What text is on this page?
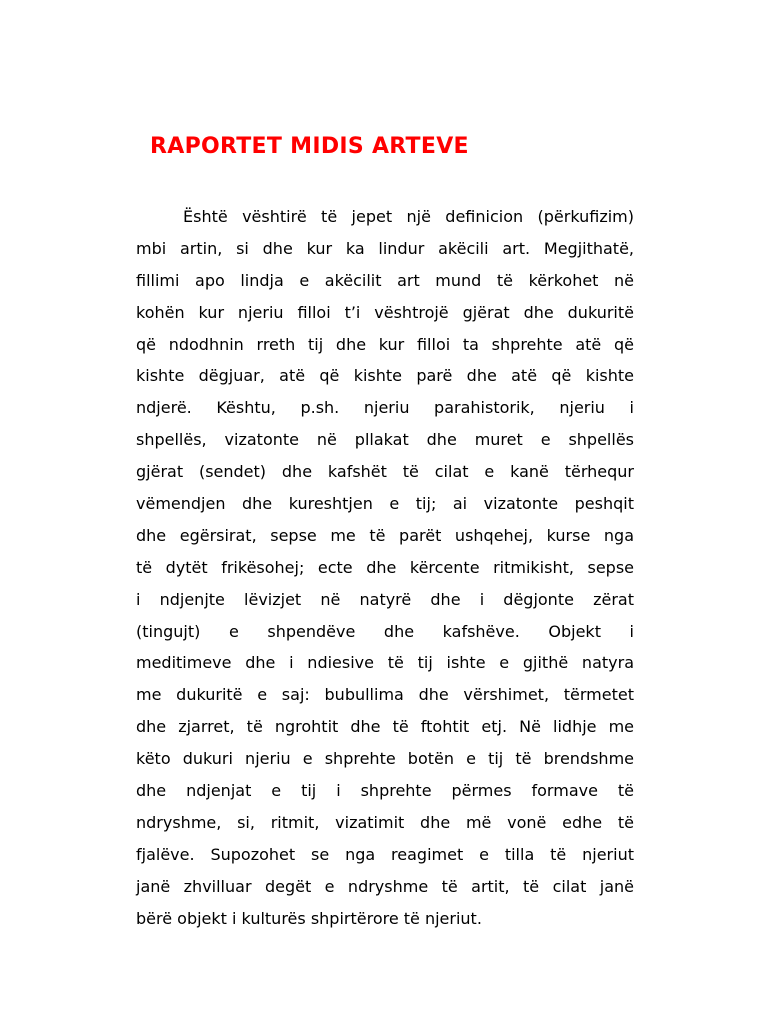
RAPORTET MIDIS ARTEVE
Është vështirë të jepet një definicion (përkufizim)
mbi artin, si dhe kur ka lindur akëcili art. Megjithatë,
fillimi apo lindja e akëcilit art mund të kërkohet në
kohën kur njeriu filloi t’i vështrojë gjërat dhe dukuritë
që ndodhnin rreth tij dhe kur filloi ta shprehte atë që
kishte dëgjuar, atë që kishte parë dhe atë që kishte
ndjerë. Kështu, p.sh. njeriu parahistorik, njeriu i
shpellës, vizatonte në pllakat dhe muret e shpellës
gjërat (sendet) dhe kafshët të cilat e kanë tërhequr
vëmendjen dhe kureshtjen e tij; ai vizatonte peshqit
dhe egërsirat, sepse me të parët ushqehej, kurse nga
të dytët frikësohej; ecte dhe kërcente ritmikisht, sepse
i ndjenjte lëvizjet në natyrë dhe i dëgjonte zërat
(tingujt) e shpendëve dhe kafshëve. Objekt i
meditimeve dhe i ndiesive të tij ishte e gjithë natyra
me dukuritë e saj: bubullima dhe vërshimet, tërmetet
dhe zjarret, të ngrohtit dhe të ftohtit etj. Në lidhje me
këto dukuri njeriu e shprehte botën e tij të brendshme
dhe ndjenjat e tij i shprehte përmes formave të
ndryshme, si, ritmit, vizatimit dhe më vonë edhe të
fjalëve. Supozohet se nga reagimet e tilla të njeriut
janë zhvilluar degët e ndryshme të artit, të cilat janë
bërë objekt i kulturës shpirtërore të njeriut.
